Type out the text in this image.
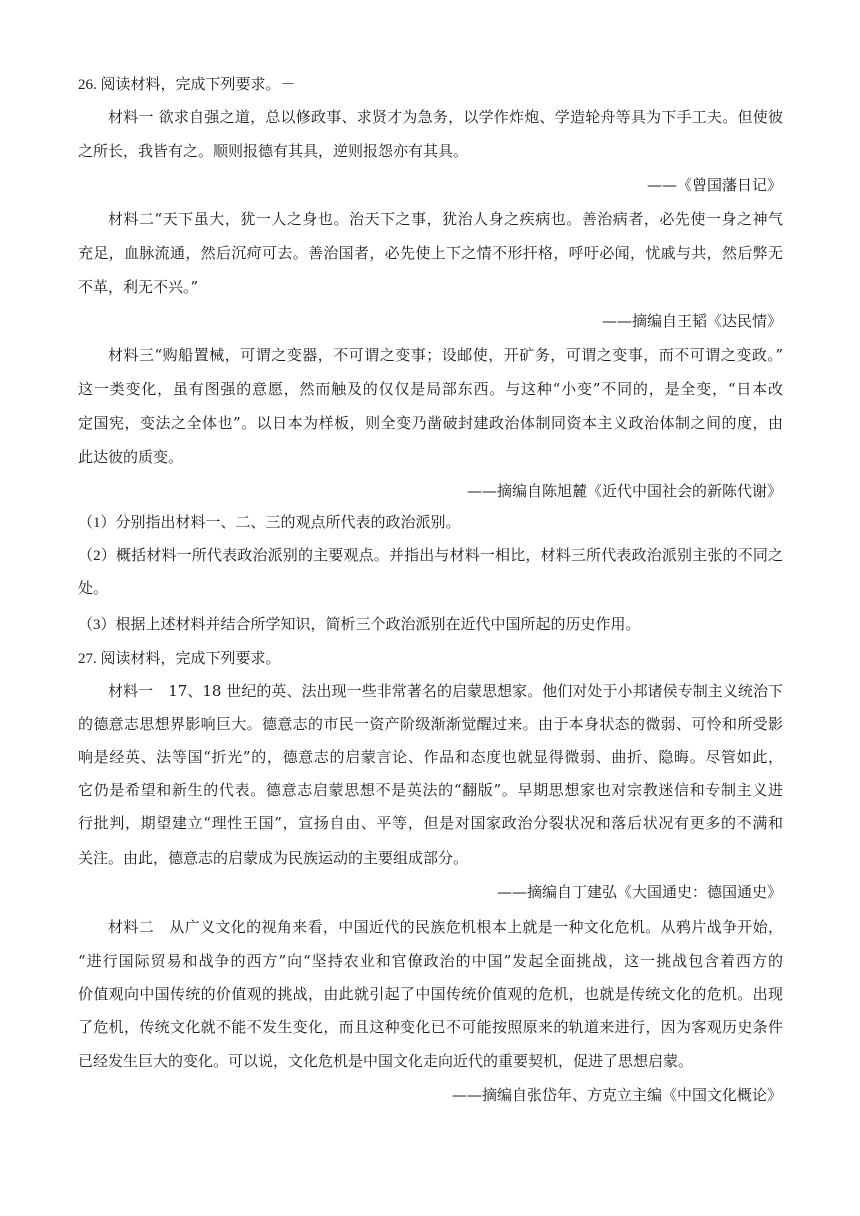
26. 阅读材料，完成下列要求。－
材料一 欲求自强之道，总以修政事、求贤才为急务，以学作炸炮、学造轮舟等具为下手工夫。但使彼
之所长，我皆有之。顺则报德有其具，逆则报怨亦有其具。
——《曾国藩日记》
材料二“天下虽大，犹一人之身也。治天下之事，犹治人身之疾病也。善治病者，必先使一身之神气
充足，血脉流通，然后沉疴可去。善治国者，必先使上下之情不形扞格，呼吁必闻，忧戚与共，然后弊无
不革，利无不兴。”
——摘编自王韬《达民情》
材料三“购船置械，可谓之变器，不可谓之变事；设邮使，开矿务，可谓之变事，而不可谓之变政。”
这一类变化，虽有图强的意愿，然而触及的仅仅是局部东西。与这种“小变”不同的，是全变，“日本改
定国宪，变法之全体也”。以日本为样板，则全变乃凿破封建政治体制同资本主义政治体制之间的度，由
此达彼的质变。
——摘编自陈旭麓《近代中国社会的新陈代谢》
（1）分别指出材料一、二、三的观点所代表的政治派别。
（2）概括材料一所代表政治派别的主要观点。并指出与材料一相比，材料三所代表政治派别主张的不同之
处。
（3）根据上述材料并结合所学知识，简析三个政治派别在近代中国所起的历史作用。
27. 阅读材料，完成下列要求。
材料一　17、18 世纪的英、法出现一些非常著名的启蒙思想家。他们对处于小邦诸侯专制主义统治下
的德意志思想界影响巨大。德意志的市民一资产阶级渐渐觉醒过来。由于本身状态的微弱、可怜和所受影
响是经英、法等国“折光”的，德意志的启蒙言论、作品和态度也就显得微弱、曲折、隐晦。尽管如此，
它仍是希望和新生的代表。德意志启蒙思想不是英法的“翻版”。早期思想家也对宗教迷信和专制主义进
行批判，期望建立“理性王国”，宣扬自由、平等，但是对国家政治分裂状况和落后状况有更多的不满和
关注。由此，德意志的启蒙成为民族运动的主要组成部分。
——摘编自丁建弘《大国通史：德国通史》
材料二　从广义文化的视角来看，中国近代的民族危机根本上就是一种文化危机。从鸦片战争开始，
“进行国际贸易和战争的西方”向“坚持农业和官僚政治的中国”发起全面挑战，这一挑战包含着西方的
价值观向中国传统的价值观的挑战，由此就引起了中国传统价值观的危机，也就是传统文化的危机。出现
了危机，传统文化就不能不发生变化，而且这种变化已不可能按照原来的轨道来进行，因为客观历史条件
已经发生巨大的变化。可以说，文化危机是中国文化走向近代的重要契机，促进了思想启蒙。
——摘编自张岱年、方克立主编《中国文化概论》
